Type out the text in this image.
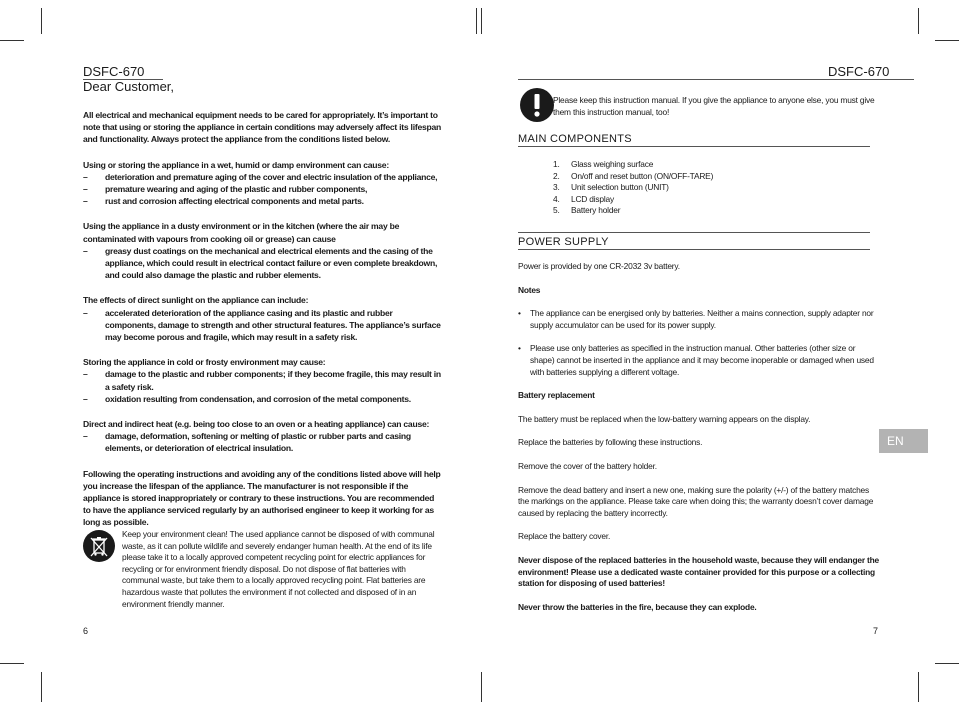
DSFC-670
Dear Customer,

All electrical and mechanical equipment needs to be cared for appropriately. It’s important to note that using or storing the appliance in certain conditions may adversely affect its lifespan and functionality. Always protect the appliance from the conditions listed below.

Using or storing the appliance in a wet, humid or damp environment can cause:

– deterioration and premature aging of the cover and electric insulation of the appliance,

– premature wearing and aging of the plastic and rubber components,

– rust and corrosion affecting electrical components and metal parts.

Using the appliance in a dusty environment or in the kitchen (where the air may be contaminated with vapours from cooking oil or grease) can cause

– greasy dust coatings on the mechanical and electrical elements and the casing of the appliance, which could result in electrical contact failure or even complete breakdown, and could also damage the plastic and rubber elements.

The effects of direct sunlight on the appliance can include:

– accelerated deterioration of the appliance casing and its plastic and rubber components, damage to strength and other structural features. The appliance’s surface may become porous and fragile, which may result in a safety risk.

Storing the appliance in cold or frosty environment may cause:

– damage to the plastic and rubber components; if they become fragile, this may result in a safety risk.

– oxidation resulting from condensation, and corrosion of the metal components.

Direct and indirect heat (e.g. being too close to an oven or a heating appliance) can cause:

– damage, deformation, softening or melting of plastic or rubber parts and casing elements, or deterioration of electrical insulation.

Following the operating instructions and avoiding any of the conditions listed above will help you increase the lifespan of the appliance. The manufacturer is not responsible if the appliance is stored inappropriately or contrary to these instructions. You are recommended to have the appliance serviced regularly by an authorised engineer to keep it working for as long as possible.

Keep your environment clean! The used appliance cannot be disposed of with communal waste, as it can pollute wildlife and severely endanger human health. At the end of its life please take it to a locally approved competent recycling point for electric appliances for recycling or for environment friendly disposal. Do not dispose of flat batteries with communal waste, but take them to a locally approved recycling point. Flat batteries are hazardous waste that pollutes the environment if not collected and disposed of in an environment friendly manner.
6
DSFC-670
Please keep this instruction manual. If you give the appliance to anyone else, you must give them this instruction manual, too!
MAIN COMPONENTS
1.	Glass weighing surface
2.	On/off and reset button (ON/OFF-TARE)
3.	Unit selection button (UNIT)
4.	LCD display
5.	Battery holder
POWER SUPPLY

Power is provided by one CR-2032 3v battery.

Notes

• The appliance can be energised only by batteries. Neither a mains connection, supply adapter nor supply accumulator can be used for its power supply.

• Please use only batteries as specified in the instruction manual. Other batteries (other size or shape) cannot be inserted in the appliance and it may become inoperable or damaged when used with batteries supplying a different voltage.

Battery replacement

The battery must be replaced when the low-battery warning appears on the display.

Replace the batteries by following these instructions.

Remove the cover of the battery holder.

Remove the dead battery and insert a new one, making sure the polarity (+/-) of the battery matches the markings on the appliance. Please take care when doing this; the warranty doesn’t cover damage caused by replacing the battery incorrectly.

Replace the battery cover.

Never dispose of the replaced batteries in the household waste, because they will endanger the environment! Please use a dedicated waste container provided for this purpose or a collecting station for disposing of used batteries!

Never throw the batteries in the fire, because they can explode.

EN
7
